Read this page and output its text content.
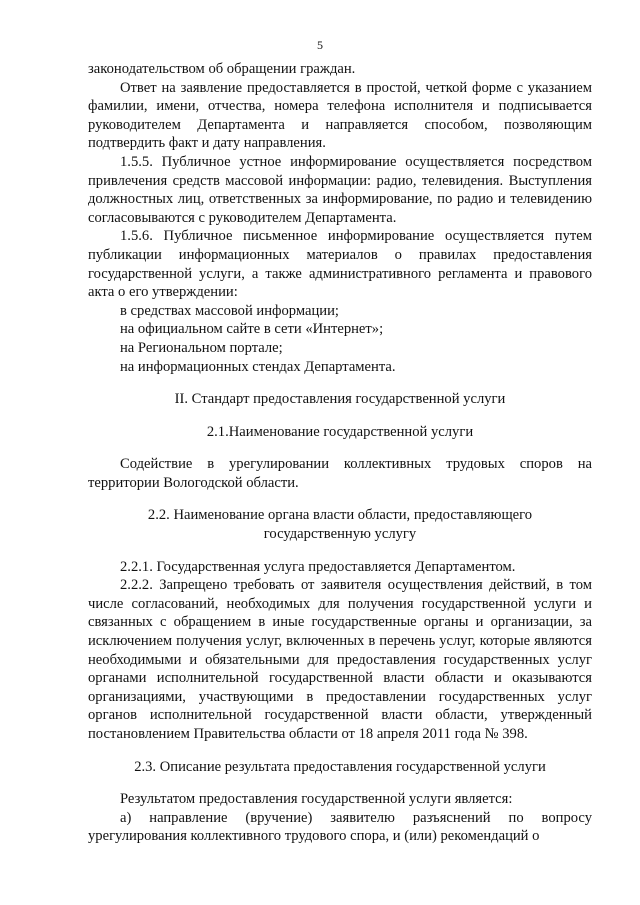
5

законодательством об обращении граждан.

Ответ на заявление предоставляется в простой, четкой форме с указанием фамилии, имени, отчества, номера телефона исполнителя и подписывается руководителем Департамента и направляется способом, позволяющим подтвердить факт и дату направления.

1.5.5. Публичное устное информирование осуществляется посредством привлечения средств массовой информации: радио, телевидения. Выступления должностных лиц, ответственных за информирование, по радио и телевидению согласовываются с руководителем Департамента.

1.5.6. Публичное письменное информирование осуществляется путем публикации информационных материалов о правилах предоставления государственной услуги, а также административного регламента и правового акта о его утверждении:

в средствах массовой информации;

на официальном сайте в сети «Интернет»;

на Региональном портале;

на информационных стендах Департамента.

II. Стандарт предоставления государственной услуги

2.1.Наименование государственной услуги

Содействие в урегулировании коллективных трудовых споров на территории Вологодской области.

2.2. Наименование органа власти области, предоставляющего

государственную услугу

2.2.1. Государственная услуга предоставляется Департаментом.

2.2.2. Запрещено требовать от заявителя осуществления действий, в том числе согласований, необходимых для получения государственной услуги и связанных с обращением в иные государственные органы и организации, за исключением получения услуг, включенных в перечень услуг, которые являются необходимыми и обязательными для предоставления государственных услуг органами исполнительной государственной власти области и оказываются организациями, участвующими в предоставлении государственных услуг органов исполнительной государственной власти области, утвержденный постановлением Правительства области от 18 апреля 2011 года № 398.

2.3. Описание результата предоставления государственной услуги

Результатом предоставления государственной услуги является:

а) направление (вручение) заявителю разъяснений по вопросу урегулирования коллективного трудового спора, и (или) рекомендаций о
